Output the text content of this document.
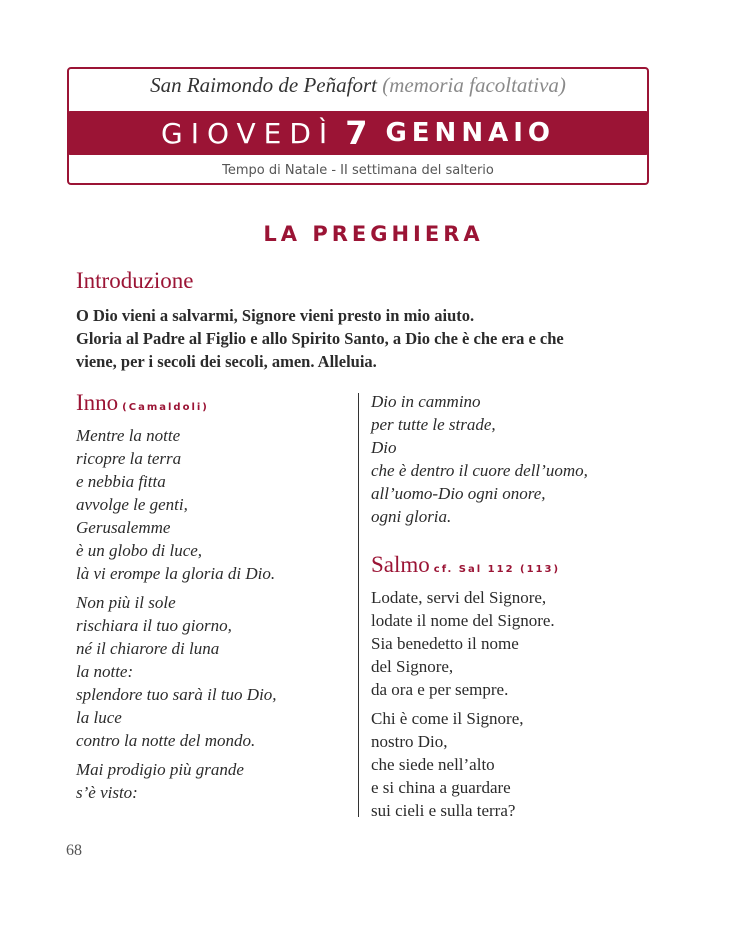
San Raimondo de Peñafort (memoria facoltativa)
GIOVEDÌ 7 GENNAIO
Tempo di Natale - II settimana del salterio
LA PREGHIERA
Introduzione
O Dio vieni a salvarmi, Signore vieni presto in mio aiuto.
Gloria al Padre al Figlio e allo Spirito Santo, a Dio che è che era e che
viene, per i secoli dei secoli, amen. Alleluia.
Inno (Camaldoli)
Mentre la notte
ricopre la terra
e nebbia fitta
avvolge le genti,
Gerusalemme
è un globo di luce,
là vi erompe la gloria di Dio.
Non più il sole
rischiara il tuo giorno,
né il chiarore di luna
la notte:
splendore tuo sarà il tuo Dio,
la luce
contro la notte del mondo.
Mai prodigio più grande
s’è visto:
Dio in cammino
per tutte le strade,
Dio
che è dentro il cuore dell’uomo,
all’uomo-Dio ogni onore,
ogni gloria.
Salmo cf. Sal 112 (113)
Lodate, servi del Signore,
lodate il nome del Signore.
Sia benedetto il nome
del Signore,
da ora e per sempre.
Chi è come il Signore,
nostro Dio,
che siede nell’alto
e si china a guardare
sui cieli e sulla terra?
68
